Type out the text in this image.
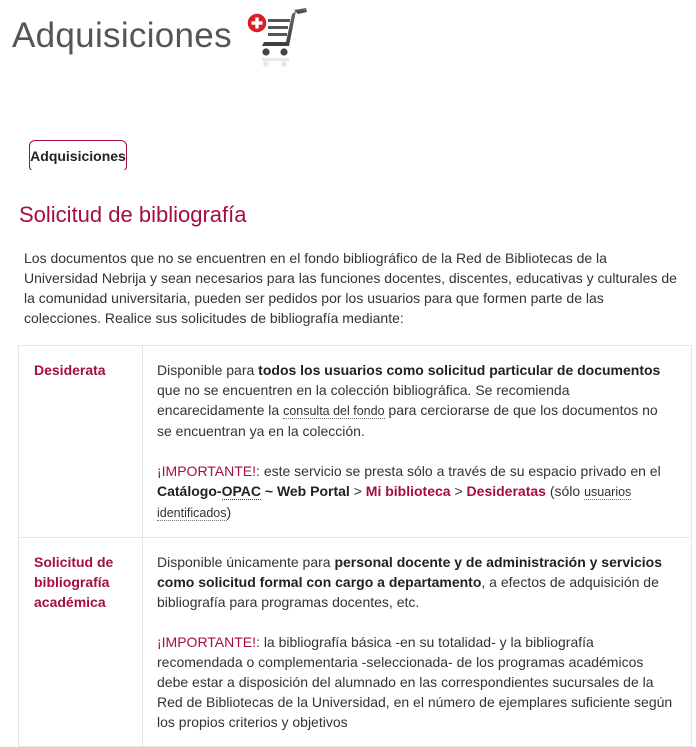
Adquisiciones
Adquisiciones
Solicitud de bibliografía

Los documentos que no se encuentren en el fondo bibliográfico de la Red de Bibliotecas de la Universidad Nebrija y sean necesarios para las funciones docentes, discentes, educativas y culturales de la comunidad universitaria, pueden ser pedidos por los usuarios para que formen parte de las colecciones. Realice sus solicitudes de bibliografía mediante:

Desiderata	Disponible para todos los usuarios como solicitud particular de documentos que no se encuentren en la colección bibliográfica. Se recomienda encarecidamente la consulta del fondo para cerciorarse de que los documentos no se encuentran ya en la colección.

¡IMPORTANTE!: este servicio se presta sólo a través de su espacio privado en el Catálogo-OPAC ~ Web Portal > Mi biblioteca > Desideratas (sólo usuarios identificados)

Solicitud de bibliografía académica	Disponible únicamente para personal docente y de administración y servicios como solicitud formal con cargo a departamento, a efectos de adquisición de bibliografía para programas docentes, etc.

¡IMPORTANTE!: la bibliografía básica -en su totalidad- y la bibliografía recomendada o complementaria -seleccionada- de los programas académicos debe estar a disposición del alumnado en las correspondientes sucursales de la Red de Bibliotecas de la Universidad, en el número de ejemplares suficiente según los propios criterios y objetivos
